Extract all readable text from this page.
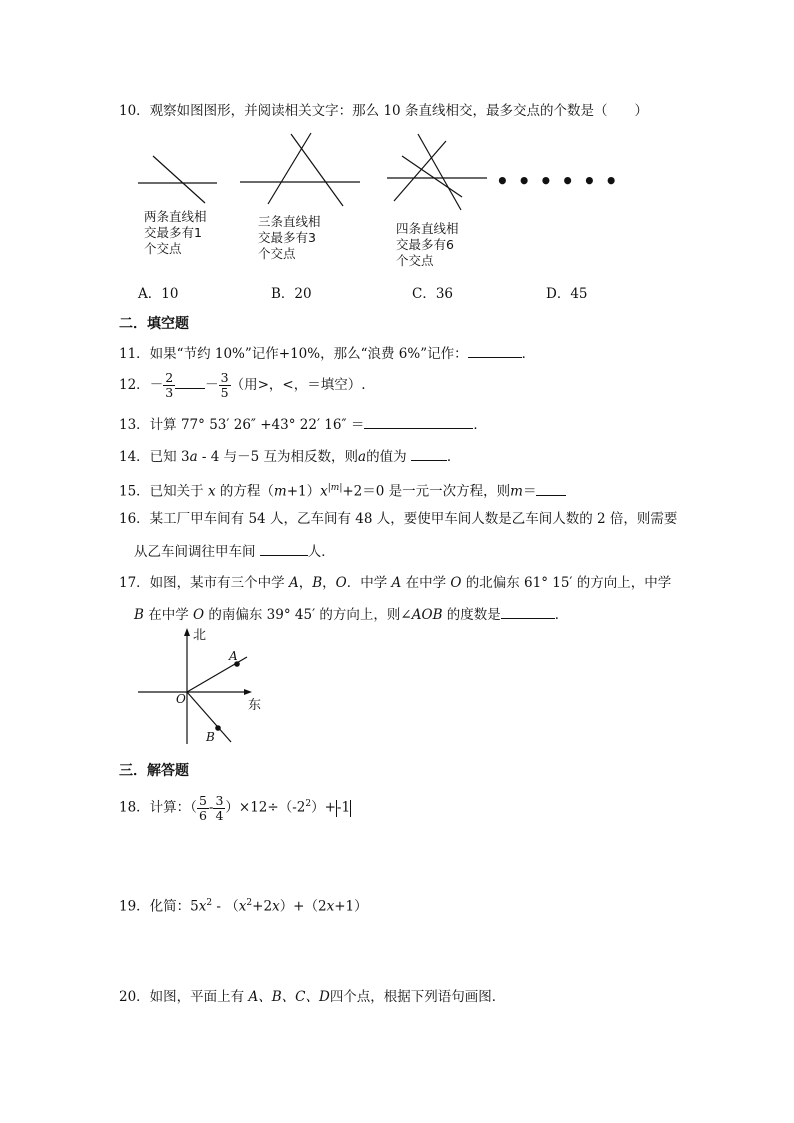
10．观察如图图形，并阅读相关文字：那么 10 条直线相交，最多交点的个数是（　　）
两条直线相
交最多有1
个交点
三条直线相
交最多有3
个交点
四条直线相
交最多有6
个交点
• • • • • •
A．10	B．20	C．36	D．45
二．填空题
11．如果“节约 10%”记作+10%，那么“浪费 6%”记作：	．
12．－ $\frac{2}{3} - \frac{3}{5}$ （用>，<，＝填空）.
13．计算 77° 53′ 26″ +43° 22′ 16″ ＝	．
14．已知 3a - 4 与－5 互为相反数，则a的值为	．
15．已知关于 x 的方程$(m+1)x^{|m|}+2=0$ 是一元一次方程，则m＝
16．某工厂甲车间有 54 人，乙车间有 48 人，要使甲车间人数是乙车间人数的 2 倍，则需要
从乙车间调往甲车间	人．
17．如图，某市有三个中学 A，B，O．中学 A 在中学 O 的北偏东 61° 15′ 的方向上，中学
B 在中学 O 的南偏东 39° 45′ 的方向上，则∠AOB 的度数是	．
北
东
A
B
O
三．解答题
18．计算：（ $\frac{5}{6} - \frac{3}{4} )\times 12\div(-2^2)+-1$
19．化简：$5x^2 - (x^2+2x)+(2x+1)$
20．如图，平面上有 A、B、C、D四个点，根据下列语句画图．
